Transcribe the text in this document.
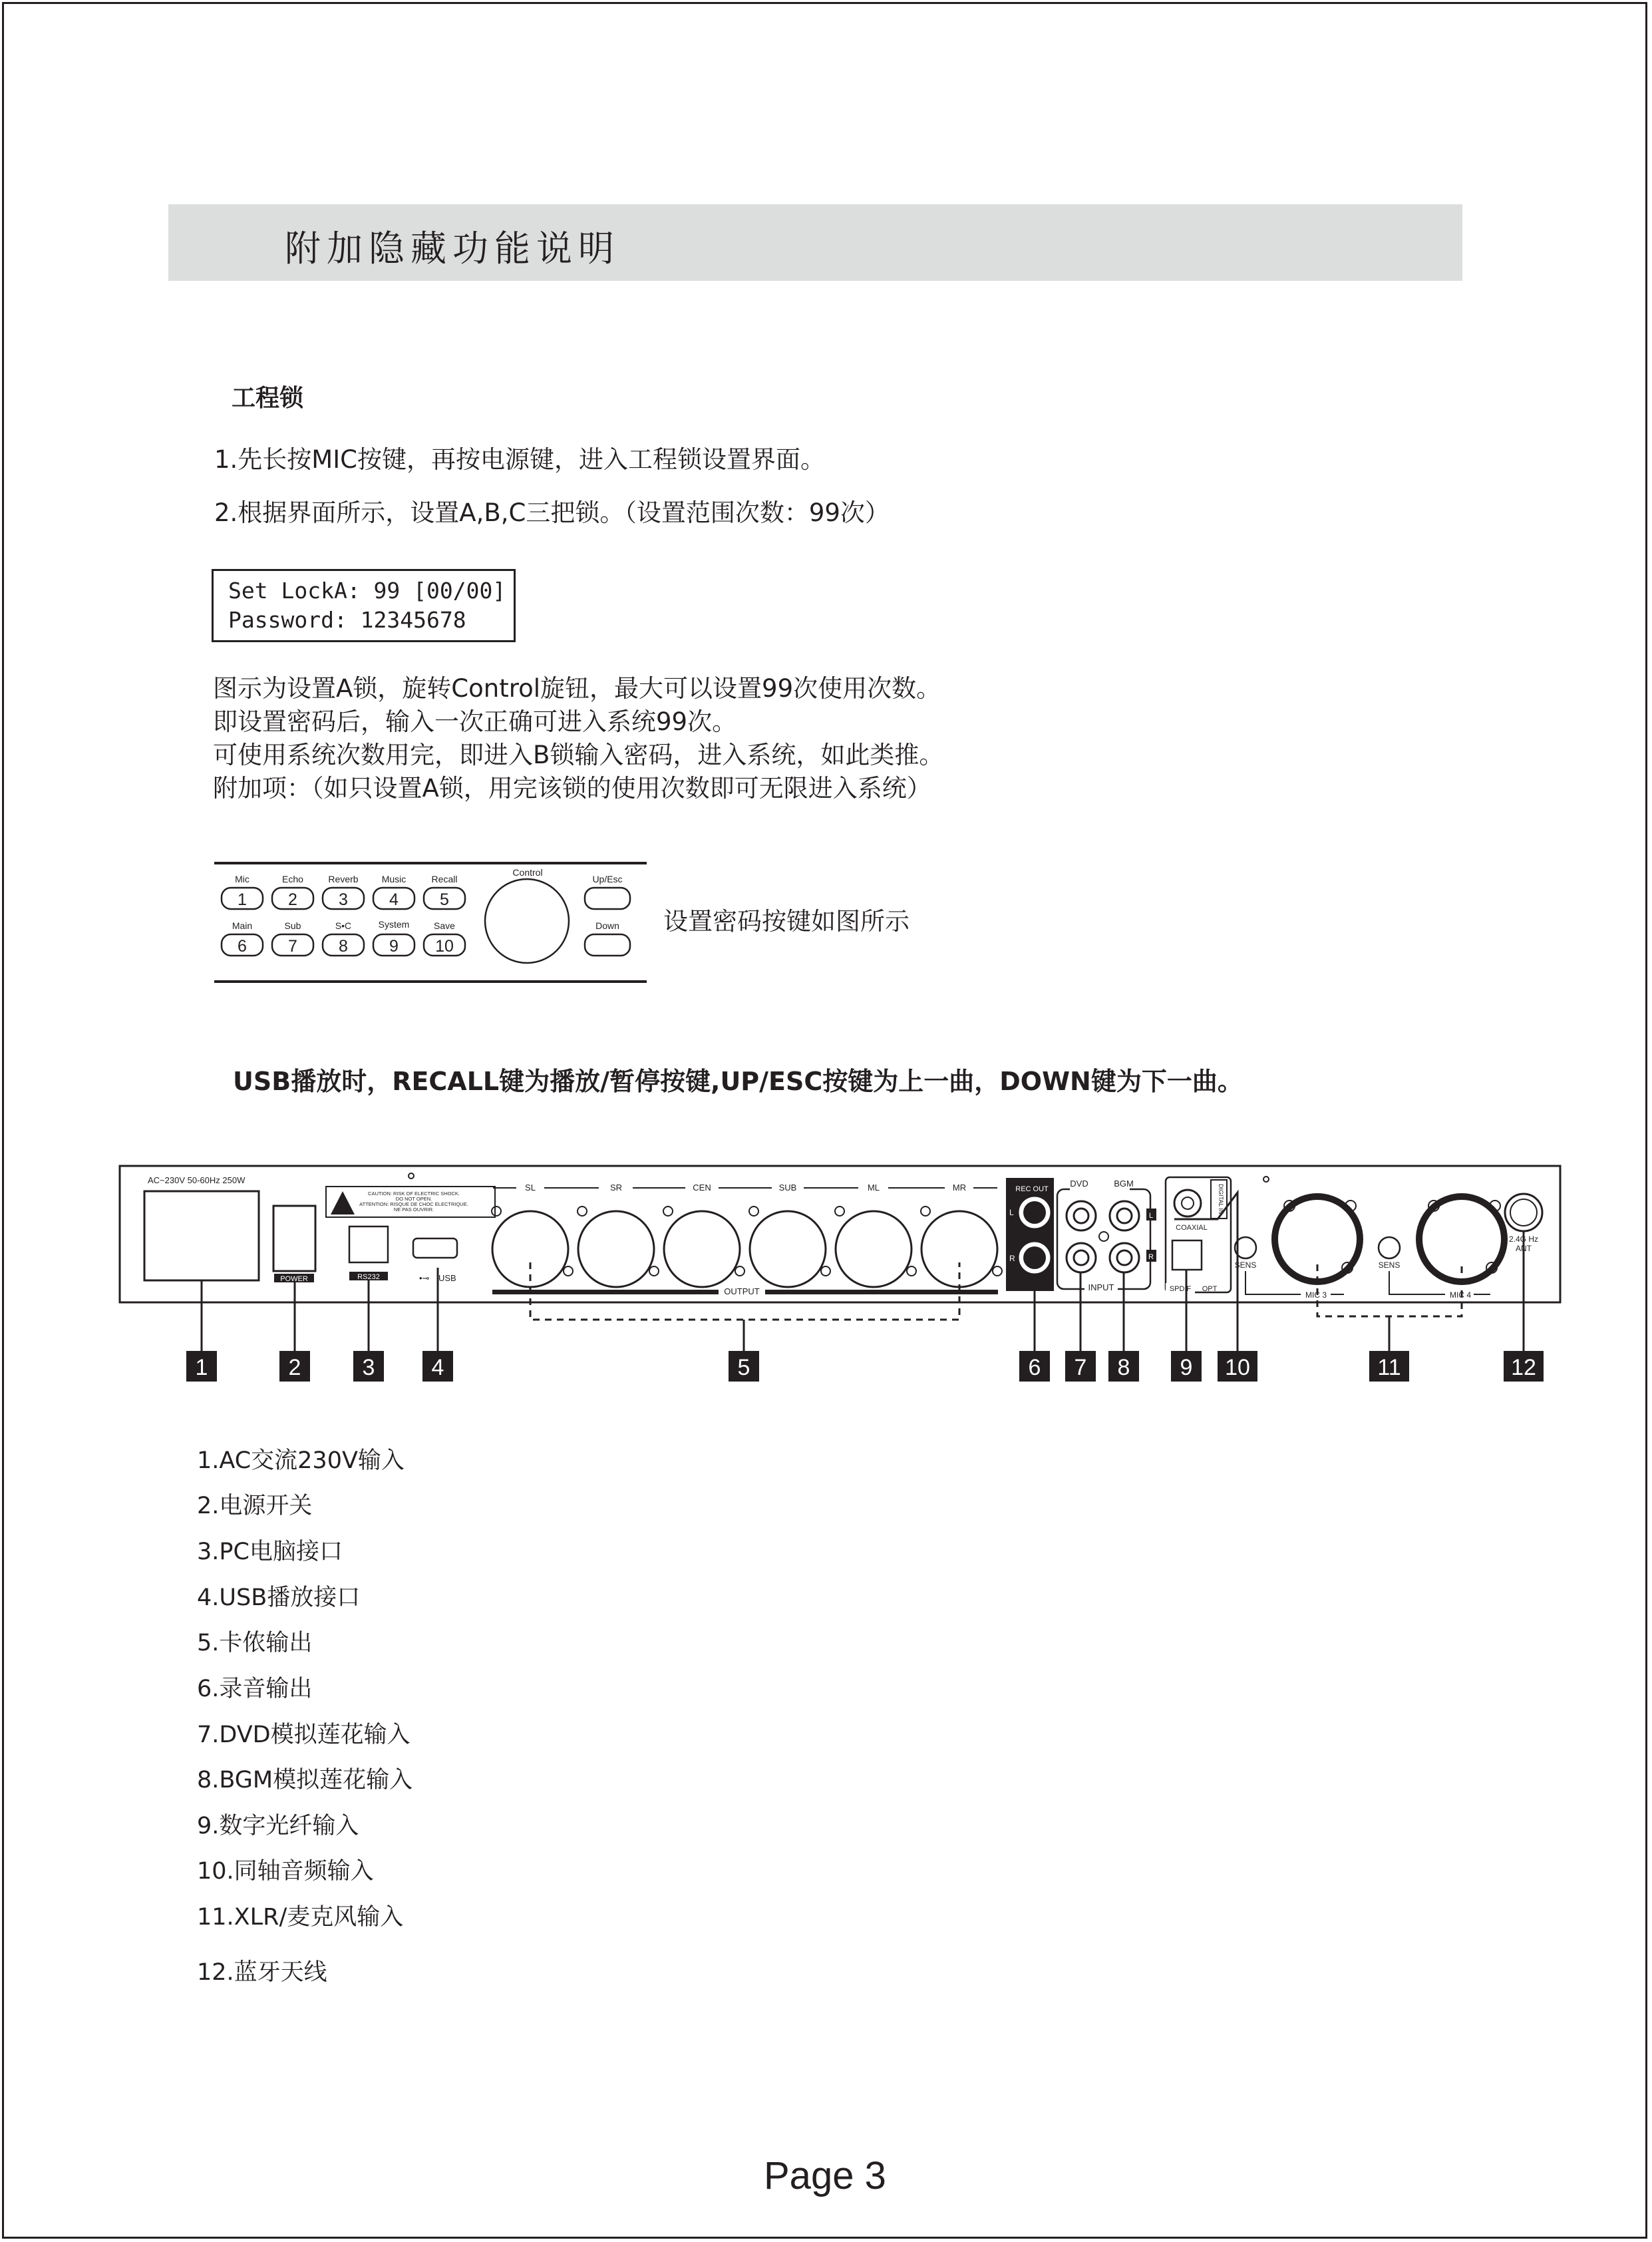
附加隐藏功能说明
工程锁
1.先长按MIC按键，再按电源键，进入工程锁设置界面。
2.根据界面所示，设置A,B,C三把锁。（设置范围次数：99次）
Set LockA: 99 [00/00]
Password: 12345678
图示为设置A锁，旋转Control旋钮，最大可以设置99次使用次数。
即设置密码后，输入一次正确可进入系统99次。
可使用系统次数用完，即进入B锁输入密码，进入系统，如此类推。
附加项：（如只设置A锁，用完该锁的使用次数即可无限进入系统）
Mic	Echo	Reverb	Music	Recall
Main	Sub	S•C	System	Save
Control
Up/Esc
Down
1 2 3 4 5
6 7 8 9 10
设置密码按键如图所示
USB播放时，RECALL键为播放/暂停按键,UP/ESC按键为上一曲，DOWN键为下一曲。
AC~230V 50-60Hz 250W
POWER
CAUTION: RISK OF ELECTRIC SHOCK.
DO NOT OPEN.
ATTENTION: RISQUE DE CHOC ELECTRIQUE.
NE PAS OUVRIR.
RS232	•⊸ USB
SL	SR	CEN	SUB	ML	MR
OUTPUT
REC OUT
L
R
DVD	BGM
L
R
INPUT
COAXIAL
DIGITAL IN
SPDIF OPT
SENS
MIC 3
SENS
MIC 4
2.4G Hz
ANT
1	2	3	4	5	6 7 8 9 10	11	12
1.AC交流230V输入
2.电源开关
3.PC电脑接口
4.USB播放接口
5.卡侬输出
6.录音输出
7.DVD模拟莲花输入
8.BGM模拟莲花输入
9.数字光纤输入
10.同轴音频输入
11.XLR/麦克风输入
12.蓝牙天线
Page 3
